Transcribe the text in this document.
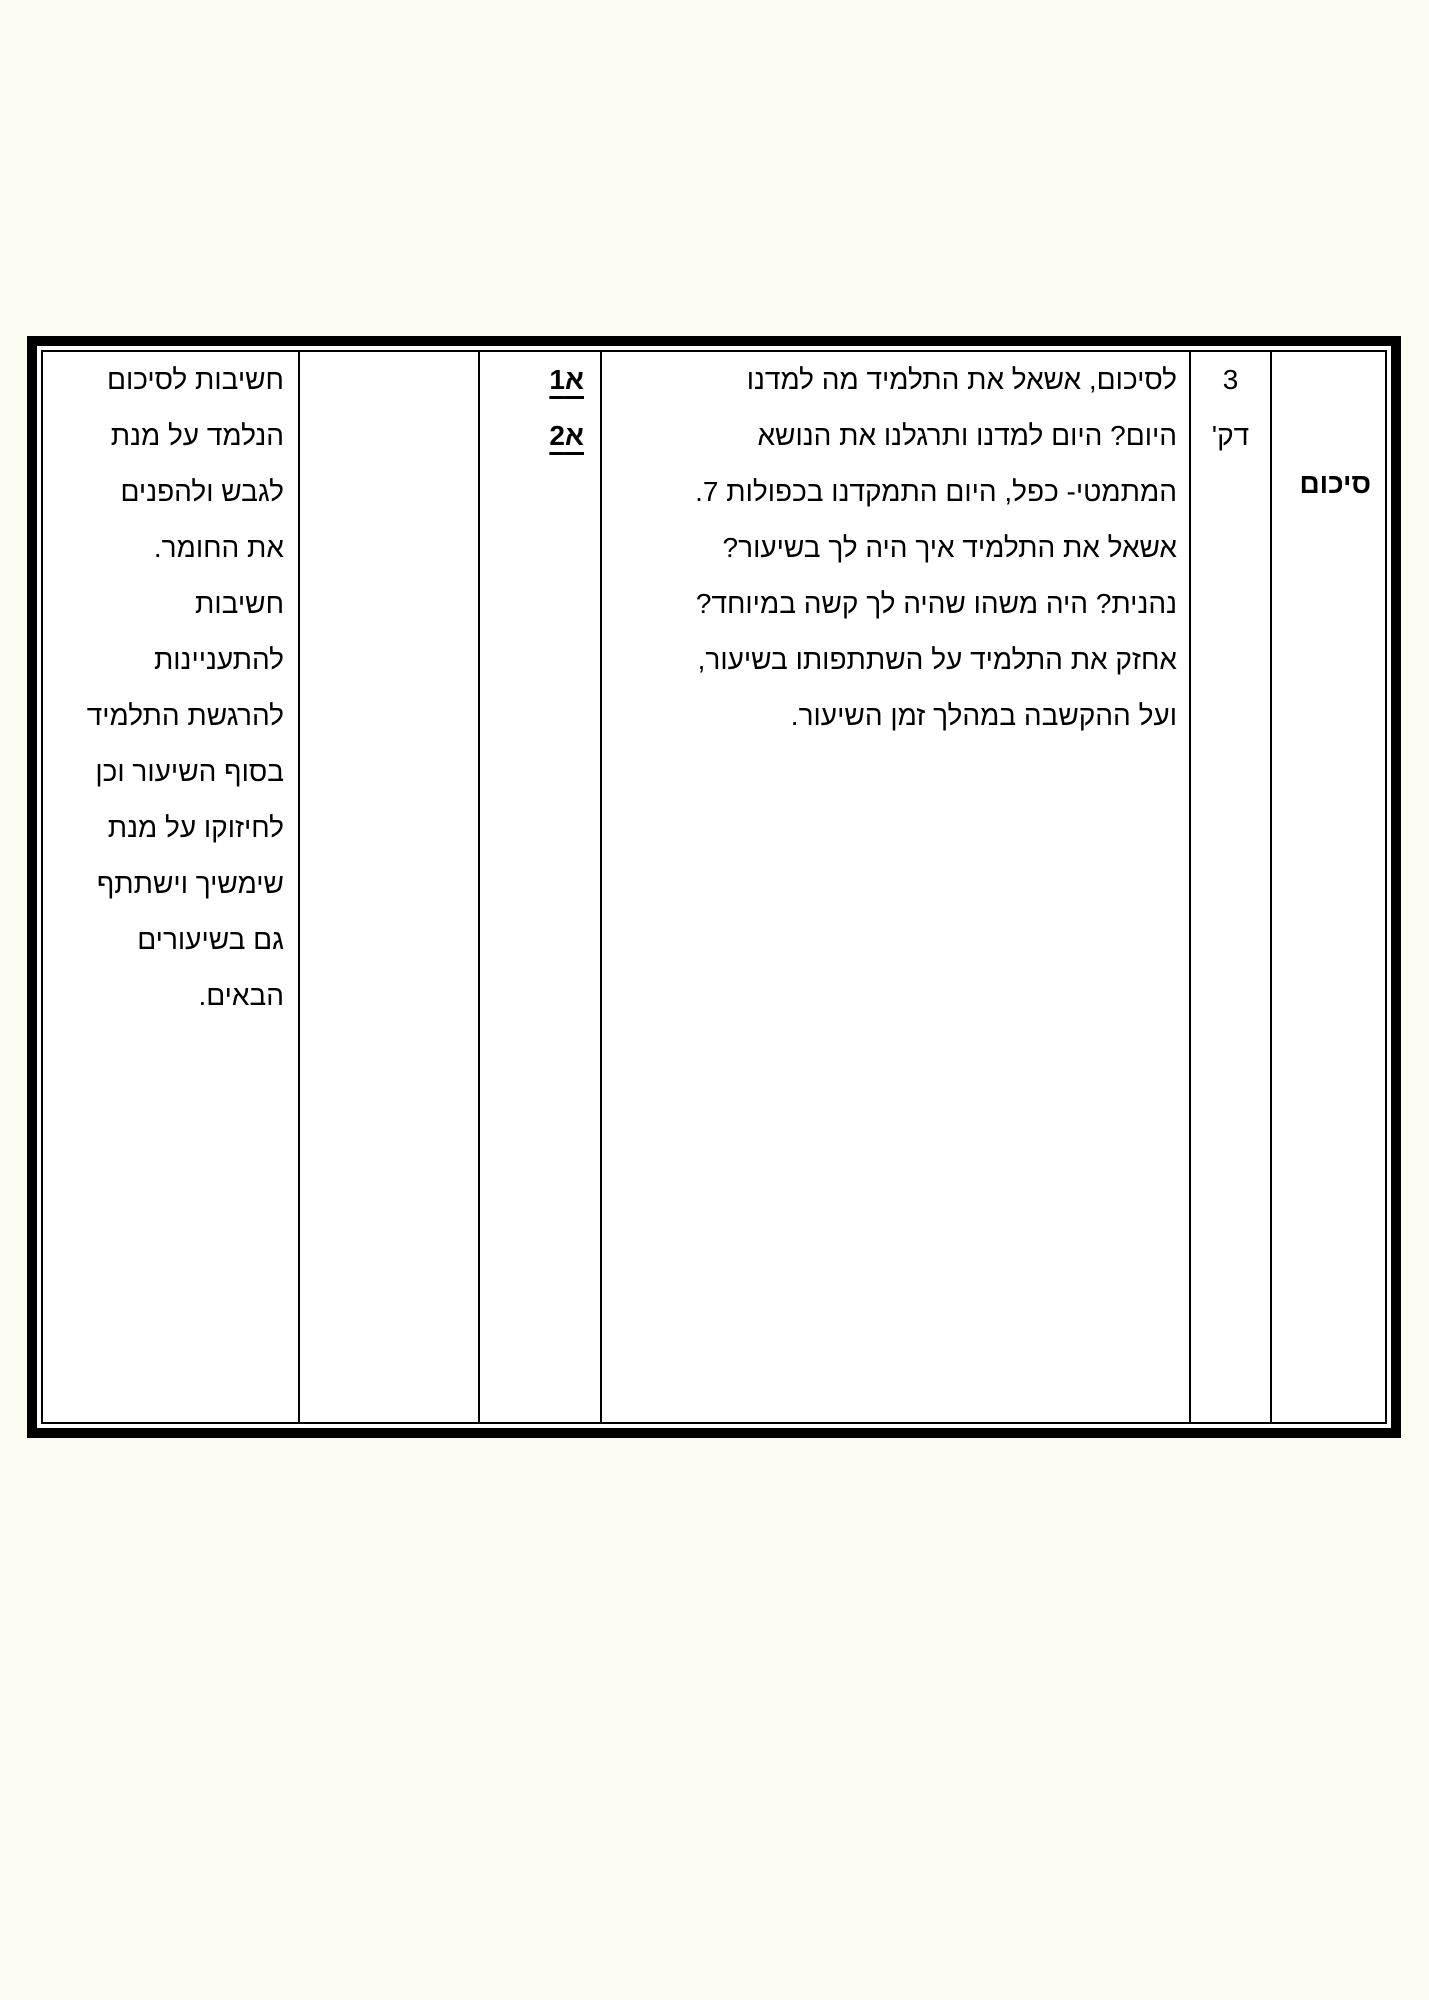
סיכום
3
דק'
לסיכום, אשאל את התלמיד מה למדנו
היום? היום למדנו ותרגלנו את הנושא
המתמטי- כפל, היום התמקדנו בכפולות 7.
אשאל את התלמיד איך היה לך בשיעור?
נהנית? היה משהו שהיה לך קשה במיוחד?
אחזק את התלמיד על השתתפותו בשיעור,
ועל ההקשבה במהלך זמן השיעור.
א1
א2
חשיבות לסיכום
הנלמד על מנת
לגבש ולהפנים
את החומר.
חשיבות
להתעניינות
להרגשת התלמיד
בסוף השיעור וכן
לחיזוקו על מנת
שימשיך וישתתף
גם בשיעורים
הבאים.
